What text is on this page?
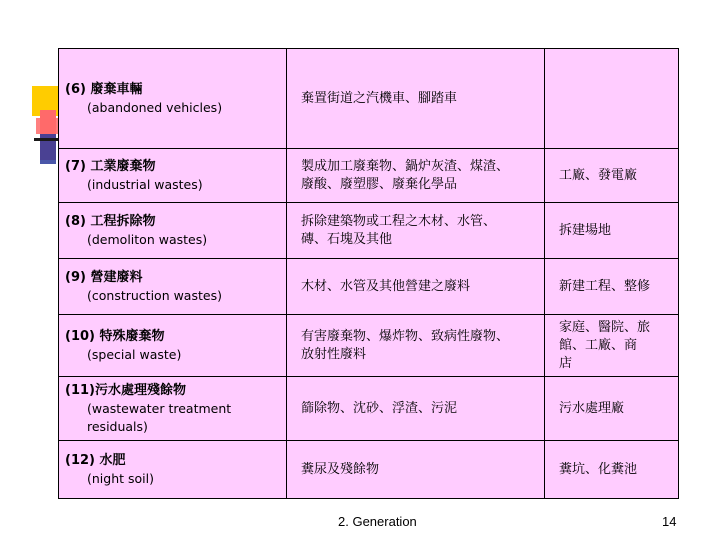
(6) 廢棄車輛
(abandoned vehicles)	棄置街道之汽機車、腳踏車	

(7) 工業廢棄物
(industrial wastes)	製成加工廢棄物、鍋炉灰渣、煤渣、
廢酸、廢塑膠、廢棄化學品	工廠、發電廠

(8) 工程拆除物
(demoliton wastes)	拆除建築物或工程之木材、水管、
磚、石塊及其他	拆建場地

(9) 營建廢料
(construction wastes)	木材、水管及其他營建之廢料	新建工程、整修

(10) 特殊廢棄物
(special waste)	有害廢棄物、爆炸物、致病性廢物、
放射性廢料	家庭、醫院、旅
館、工廠、商
店

(11)污水處理殘餘物
(wastewater treatment
residuals)	篩除物、沈砂、浮渣、污泥	污水處理廠

(12) 水肥
(night soil)	糞尿及殘餘物	糞坑、化糞池
2. Generation	14
